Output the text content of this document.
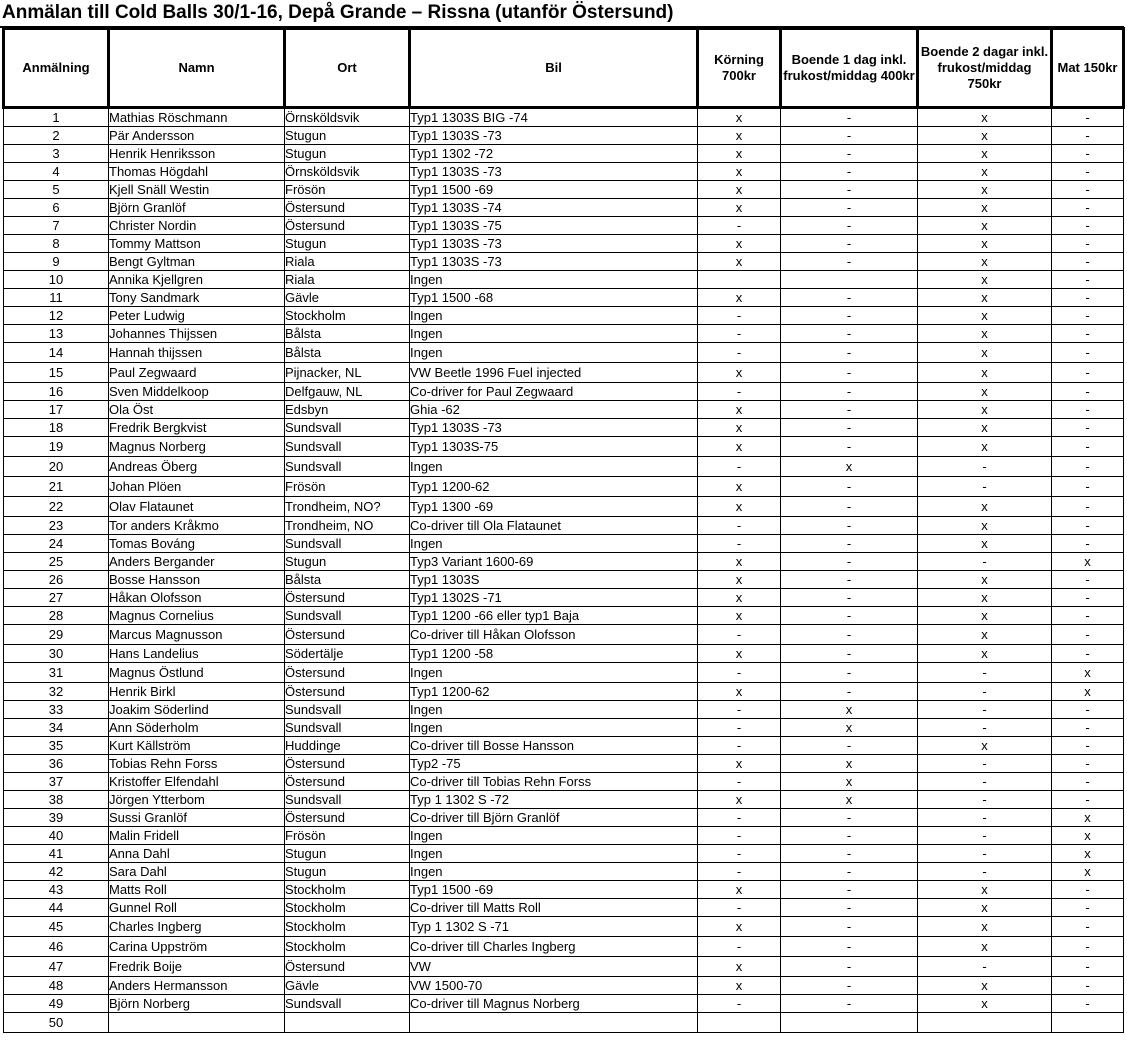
Anmälan till Cold Balls 30/1-16, Depå Grande – Rissna (utanför Östersund)
Anmälning	Namn	Ort	Bil	Körning 700kr	Boende 1 dag inkl. frukost/middag 400kr	Boende 2 dagar inkl. frukost/middag 750kr	Mat 150kr
1	Mathias Röschmann	Örnsköldsvik	Typ1 1303S BIG -74	x	-	x	-
2	Pär Andersson	Stugun	Typ1 1303S -73	x	-	x	-
3	Henrik Henriksson	Stugun	Typ1 1302 -72	x	-	x	-
4	Thomas Högdahl	Örnsköldsvik	Typ1 1303S -73	x	-	x	-
5	Kjell Snäll Westin	Frösön	Typ1 1500 -69	x	-	x	-
6	Björn Granlöf	Östersund	Typ1 1303S -74	x	-	x	-
7	Christer Nordin	Östersund	Typ1 1303S -75	-	-	x	-
8	Tommy Mattson	Stugun	Typ1 1303S -73	x	-	x	-
9	Bengt Gyltman	Riala	Typ1 1303S -73	x	-	x	-
10	Annika Kjellgren	Riala	Ingen			x	-
11	Tony Sandmark	Gävle	Typ1 1500 -68	x	-	x	-
12	Peter Ludwig	Stockholm	Ingen	-	-	x	-
13	Johannes Thijssen	Bålsta	Ingen	-	-	x	-
14	Hannah thijssen	Bålsta	Ingen	-	-	x	-
15	Paul Zegwaard	Pijnacker, NL	VW Beetle 1996 Fuel injected	x	-	x	-
16	Sven Middelkoop	Delfgauw, NL	Co-driver for Paul Zegwaard	-	-	x	-
17	Ola Öst	Edsbyn	Ghia -62	x	-	x	-
18	Fredrik Bergkvist	Sundsvall	Typ1 1303S -73	x	-	x	-
19	Magnus Norberg	Sundsvall	Typ1 1303S-75	x	-	x	-
20	Andreas Öberg	Sundsvall	Ingen	-	x	-	-
21	Johan Plöen	Frösön	Typ1 1200-62	x	-	-	-
22	Olav Flataunet	Trondheim, NO?	Typ1 1300 -69	x	-	x	-
23	Tor anders Kråkmo	Trondheim, NO	Co-driver till Ola Flataunet	-	-	x	-
24	Tomas Bováng	Sundsvall	Ingen	-	-	x	-
25	Anders Bergander	Stugun	Typ3 Variant 1600-69	x	-	-	x
26	Bosse Hansson	Bålsta	Typ1 1303S	x	-	x	-
27	Håkan Olofsson	Östersund	Typ1 1302S -71	x	-	x	-
28	Magnus Cornelius	Sundsvall	Typ1 1200 -66 eller typ1 Baja	x	-	x	-
29	Marcus Magnusson	Östersund	Co-driver till Håkan Olofsson	-	-	x	-
30	Hans Landelius	Södertälje	Typ1 1200 -58	x	-	x	-
31	Magnus Östlund	Östersund	Ingen	-	-	-	x
32	Henrik Birkl	Östersund	Typ1 1200-62	x	-	-	x
33	Joakim Söderlind	Sundsvall	Ingen	-	x	-	-
34	Ann Söderholm	Sundsvall	Ingen	-	x	-	-
35	Kurt Källström	Huddinge	Co-driver till Bosse Hansson	-	-	x	-
36	Tobias Rehn Forss	Östersund	Typ2 -75	x	x	-	-
37	Kristoffer Elfendahl	Östersund	Co-driver till Tobias Rehn Forss	-	x	-	-
38	Jörgen Ytterbom	Sundsvall	Typ 1 1302 S -72	x	x	-	-
39	Sussi Granlöf	Östersund	Co-driver till Björn Granlöf	-	-	-	x
40	Malin Fridell	Frösön	Ingen	-	-	-	x
41	Anna Dahl	Stugun	Ingen	-	-	-	x
42	Sara Dahl	Stugun	Ingen	-	-	-	x
43	Matts Roll	Stockholm	Typ1 1500 -69	x	-	x	-
44	Gunnel Roll	Stockholm	Co-driver till Matts Roll	-	-	x	-
45	Charles Ingberg	Stockholm	Typ 1 1302 S -71	x	-	x	-
46	Carina Uppström	Stockholm	Co-driver till Charles Ingberg	-	-	x	-
47	Fredrik Boije	Östersund	VW	x	-	-	-
48	Anders Hermansson	Gävle	VW 1500-70	x	-	x	-
49	Björn Norberg	Sundsvall	Co-driver till Magnus Norberg	-	-	x	-
50							
